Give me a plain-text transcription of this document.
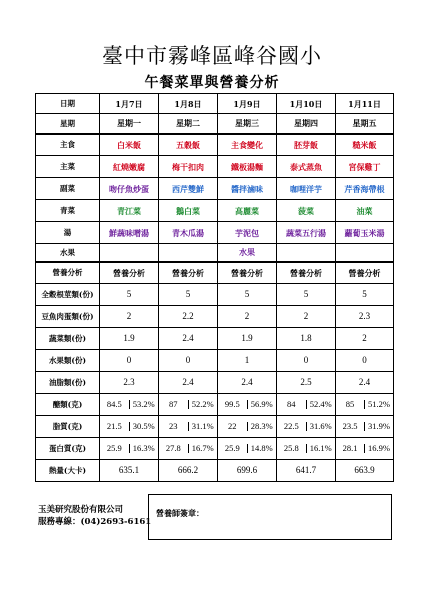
臺中市霧峰區峰谷國小
午餐菜單與營養分析
日期	1月7日	1月8日	1月9日	1月10日	1月11日
星期	星期一	星期二	星期三	星期四	星期五
主食	白米飯	五穀飯	主食變化	胚芽飯	糙米飯
主菜	紅燒嫩腐	梅干扣肉	鐵板湯麵	泰式蒸魚	宮保雞丁
副菜	吻仔魚炒蛋	西芹雙鮮	醬拌滷味	咖哩洋芋	芹香海帶根
青菜	青江菜	鵝白菜	高麗菜	菠菜	油菜
湯	鮮蔬味噌湯	青木瓜湯	芋泥包	蔬菜五行湯	蘿蔔玉米湯
水果			水果		
營養分析	營養分析	營養分析	營養分析	營養分析	營養分析
全穀根莖類(份)	5	5	5	5	5
豆魚肉蛋類(份)	2	2.2	2	2	2.3
蔬菜類(份)	1.9	2.4	1.9	1.8	2
水果類(份)	0	0	1	0	0
油脂類(份)	2.3	2.4	2.4	2.5	2.4
醣類(克)	84.5 53.2%	87 52.2%	99.5 56.9%	84 52.4%	85 51.2%

脂質(克)	21.5 30.5%	23 31.1%	22 28.3%	22.5 31.6%	23.5 31.9%

蛋白質(克)	25.9 16.3%	27.8 16.7%	25.9 14.8%	25.8 16.1%	28.1 16.9%

熱量(大卡)	635.1	666.2	699.6	641.7	663.9
玉美研究股份有限公司
服務專線：(04)2693-6161
營養師簽章：
